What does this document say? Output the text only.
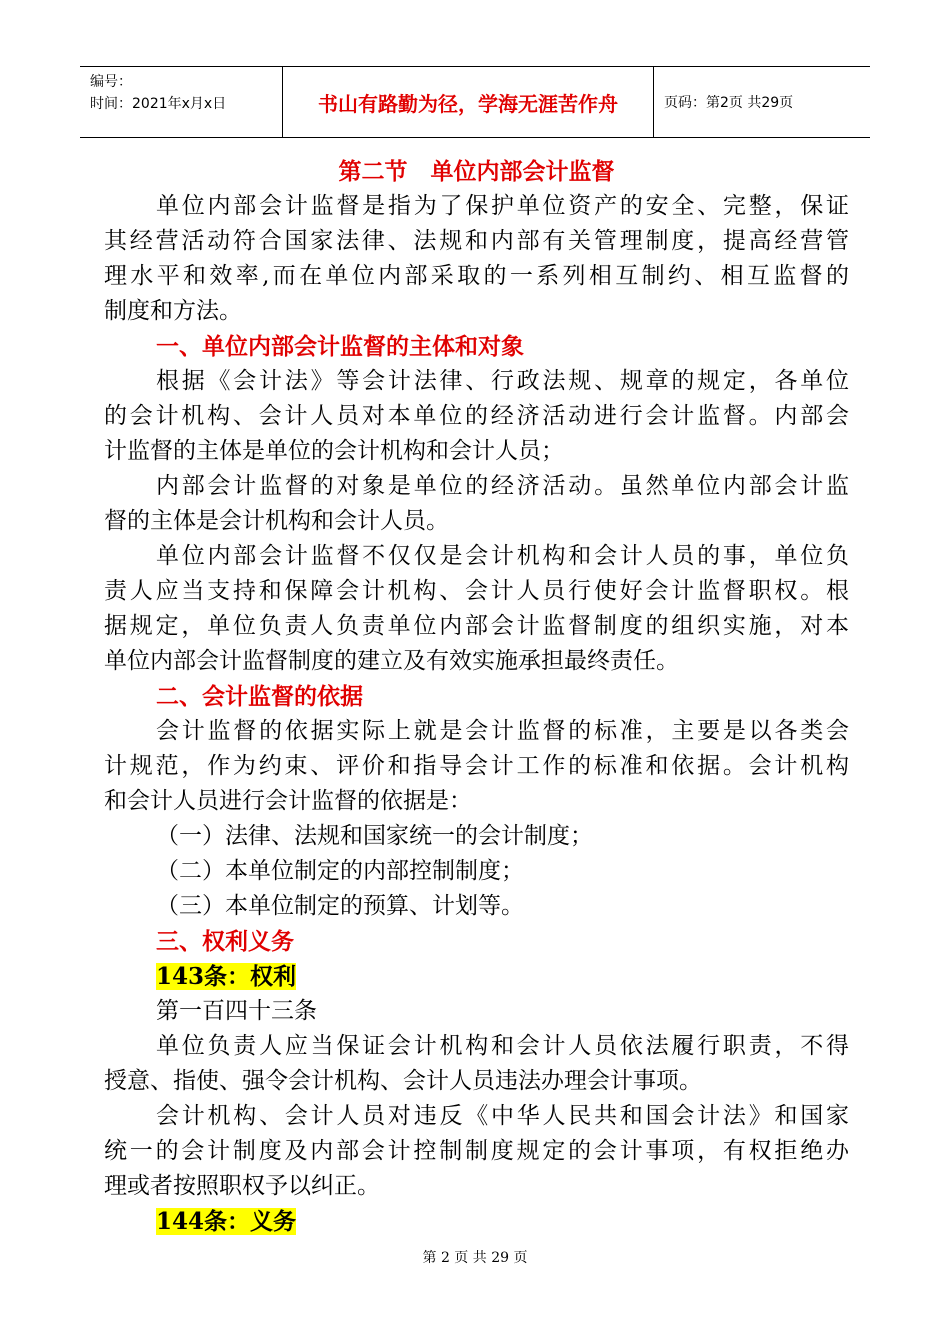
编号：
时间：2021年x月x日	书山有路勤为径，学海无涯苦作舟	页码：第2页 共29页
第二节　单位内部会计监督
单位内部会计监督是指为了保护单位资产的安全、完整，保证
其经营活动符合国家法律、法规和内部有关管理制度，提高经营管
理水平和效率,而在单位内部采取的一系列相互制约、相互监督的
制度和方法。
一、单位内部会计监督的主体和对象
根据《会计法》等会计法律、行政法规、规章的规定，各单位
的会计机构、会计人员对本单位的经济活动进行会计监督。内部会
计监督的主体是单位的会计机构和会计人员；
内部会计监督的对象是单位的经济活动。虽然单位内部会计监
督的主体是会计机构和会计人员。
单位内部会计监督不仅仅是会计机构和会计人员的事，单位负
责人应当支持和保障会计机构、会计人员行使好会计监督职权。根
据规定，单位负责人负责单位内部会计监督制度的组织实施，对本
单位内部会计监督制度的建立及有效实施承担最终责任。
二、会计监督的依据
会计监督的依据实际上就是会计监督的标准，主要是以各类会
计规范，作为约束、评价和指导会计工作的标准和依据。会计机构
和会计人员进行会计监督的依据是：
（一）法律、法规和国家统一的会计制度；
（二）本单位制定的内部控制制度；
（三）本单位制定的预算、计划等。
三、权利义务
143条：权利
第一百四十三条
单位负责人应当保证会计机构和会计人员依法履行职责，不得
授意、指使、强令会计机构、会计人员违法办理会计事项。
会计机构、会计人员对违反《中华人民共和国会计法》和国家
统一的会计制度及内部会计控制制度规定的会计事项，有权拒绝办
理或者按照职权予以纠正。
144条：义务
第 2 页 共 29 页
